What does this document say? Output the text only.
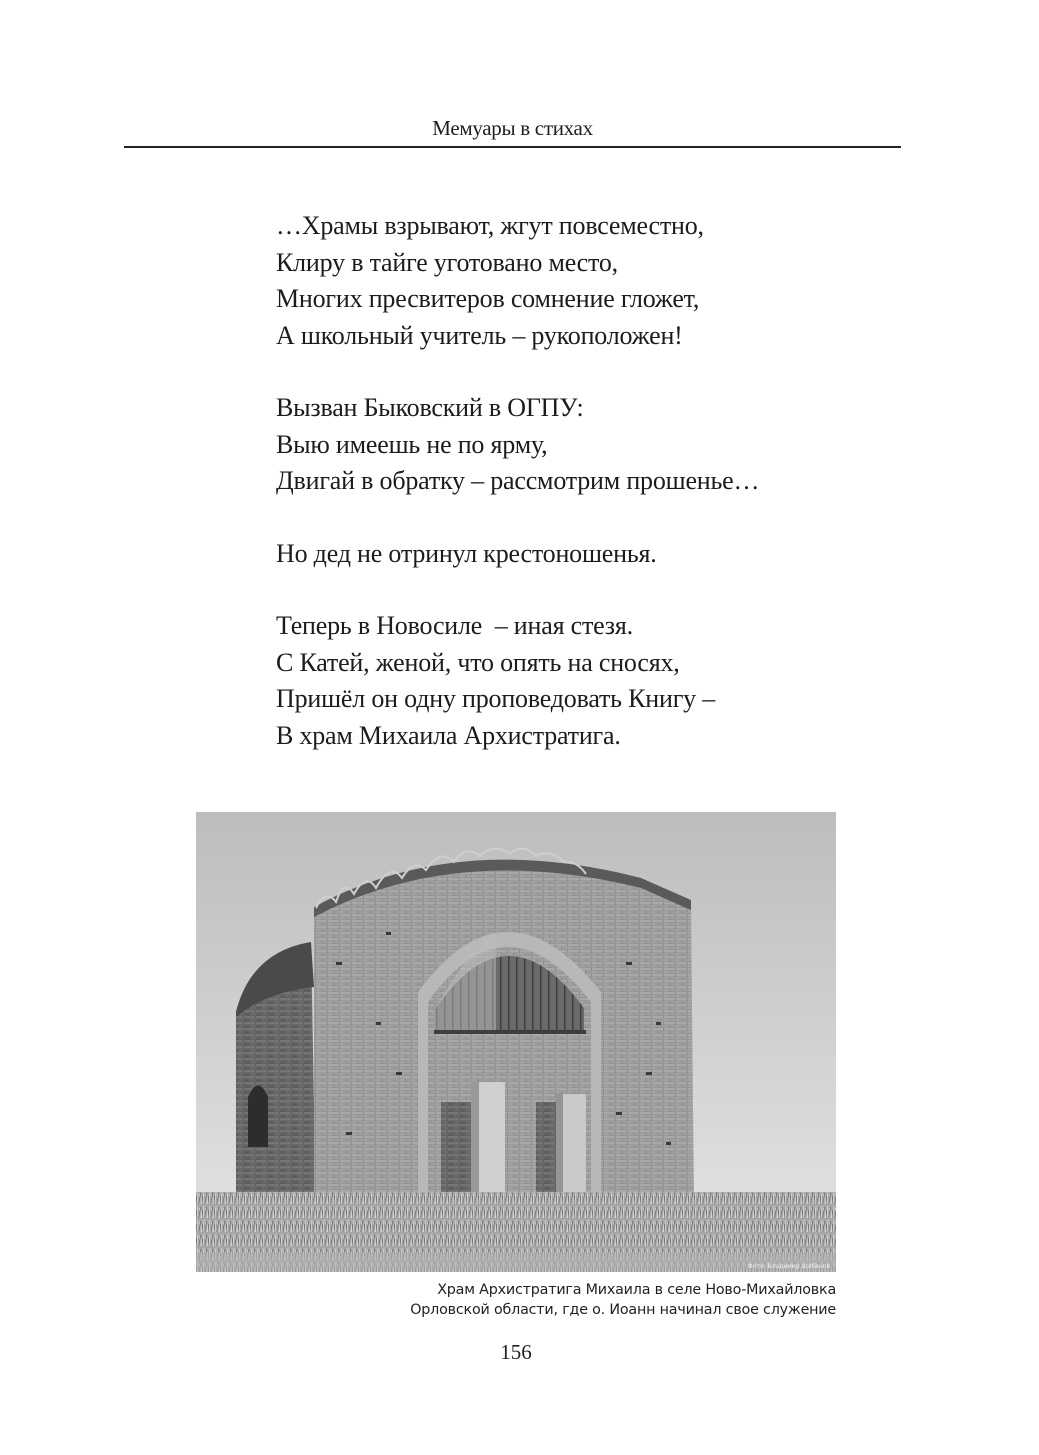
Мемуары в стихах
…Храмы взрывают, жгут повсеместно,
Клиру в тайге уготовано место,
Многих пресвитеров сомнение гложет,
А школьный учитель – рукоположен!
Вызван Быковский в ОГПУ:
Выю имеешь не по ярму,
Двигай в обратку – рассмотрим прошенье…
Но дед не отринул крестоношенья.
Теперь в Новосиле  – иная стезя.
С Катей, женой, что опять на сносях,
Пришёл он одну проповедовать Книгу –
В храм Михаила Архистратига.
Фото: Владимир Шабанов
Храм Архистратига Михаила в селе Ново-Михайловка
Орловской области, где о. Иоанн начинал свое служение
156
